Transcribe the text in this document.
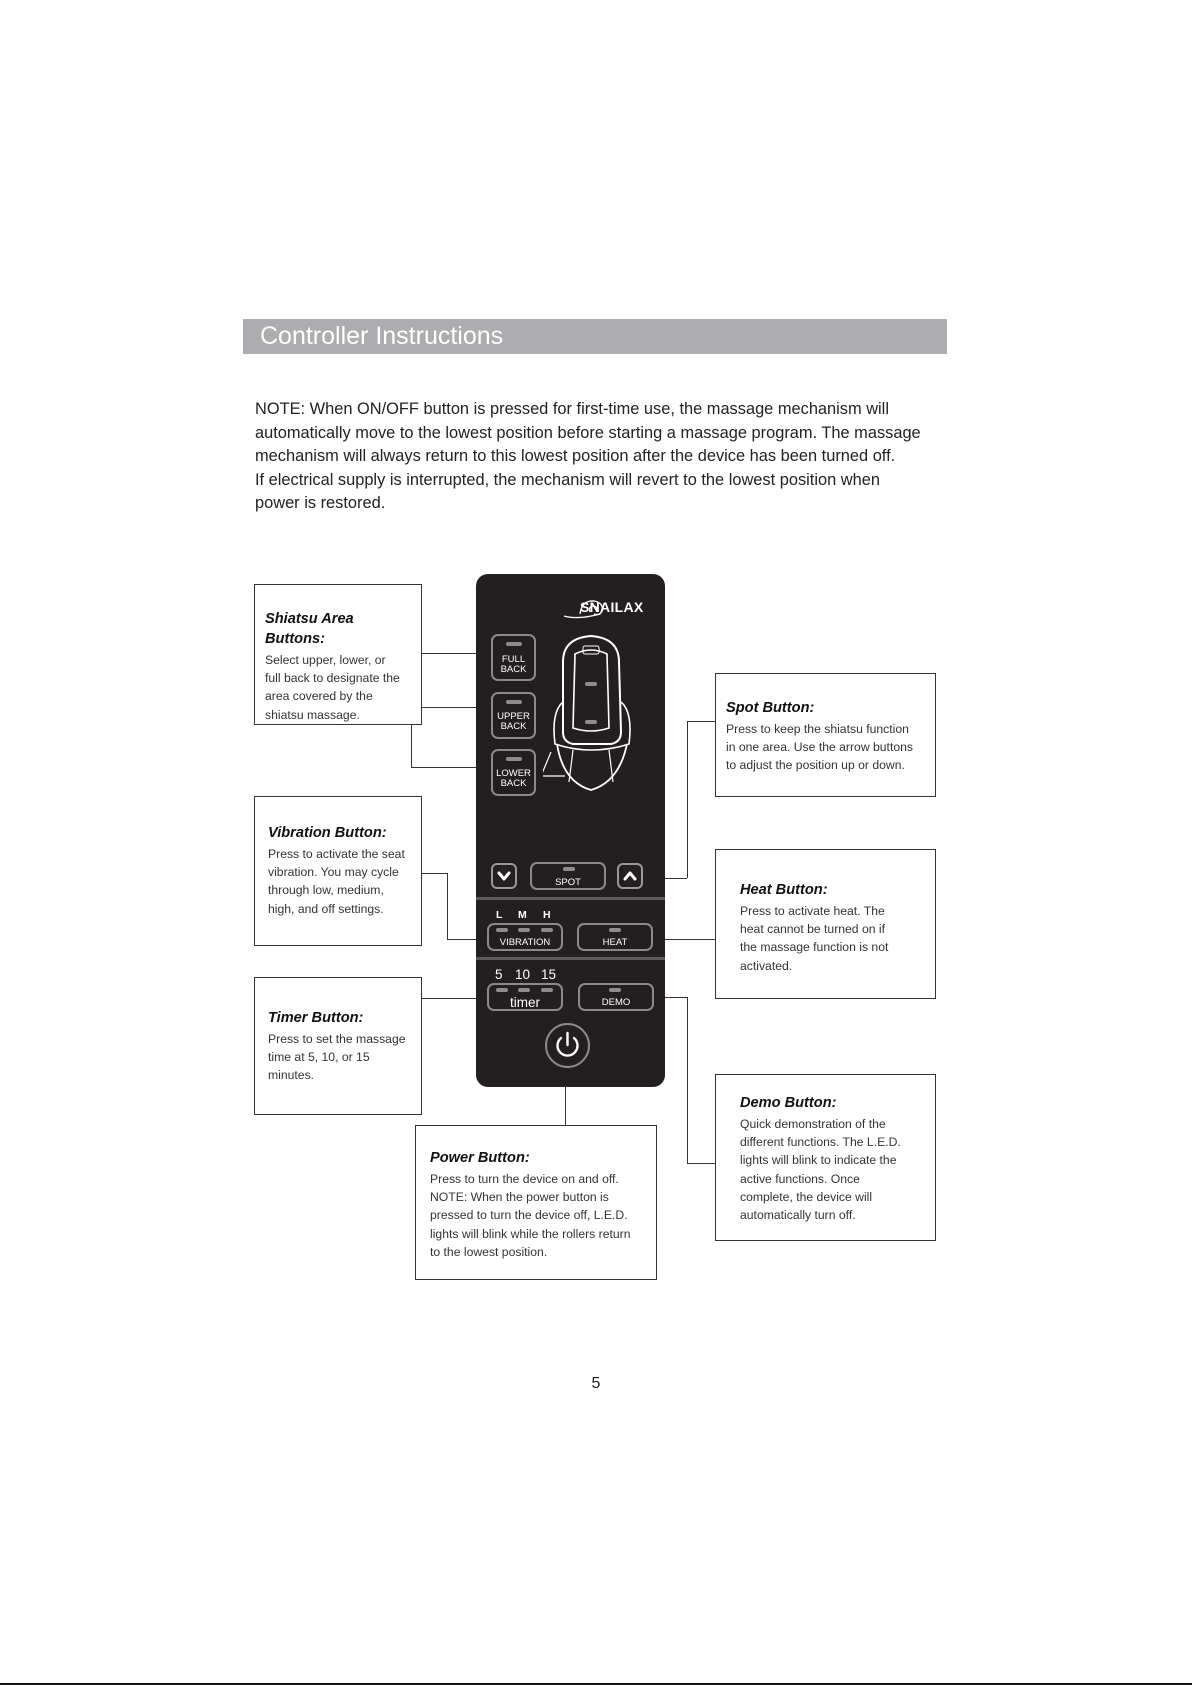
Controller Instructions

NOTE: When ON/OFF button is pressed for first-time use, the massage mechanism will

automatically move to the lowest position before starting a massage program. The massage

mechanism will always return to this lowest position after the device has been turned off.

If electrical supply is interrupted, the mechanism will revert to the lowest position when

power is restored.

Shiatsu Area Buttons:
Select upper, lower, or
full back to designate the
area covered by the
shiatsu massage.
Vibration Button:
Press to activate the seat
vibration. You may cycle
through low, medium,
high, and off settings.
Timer Button:
Press to set the massage
time at 5, 10, or 15
minutes.
Power Button:
Press to turn the device on and off.
NOTE: When the power button is
pressed to turn the device off, L.E.D.
lights will blink while the rollers return
to the lowest position.
Spot Button:
Press to keep the shiatsu function
in one area. Use the arrow buttons
to adjust the position up or down.
Heat Button:
Press to activate heat. The
heat cannot be turned on if
the massage function is not
activated.
Demo Button:
Quick demonstration of the
different functions. The L.E.D.
lights will blink to indicate the
active functions. Once
complete, the device will
automatically turn off.
SNAILAX
FULL
BACK
UPPER
BACK
LOWER
BACK
SPOT
L M H
VIBRATION	HEAT
5 10 15
timer	DEMO
5
